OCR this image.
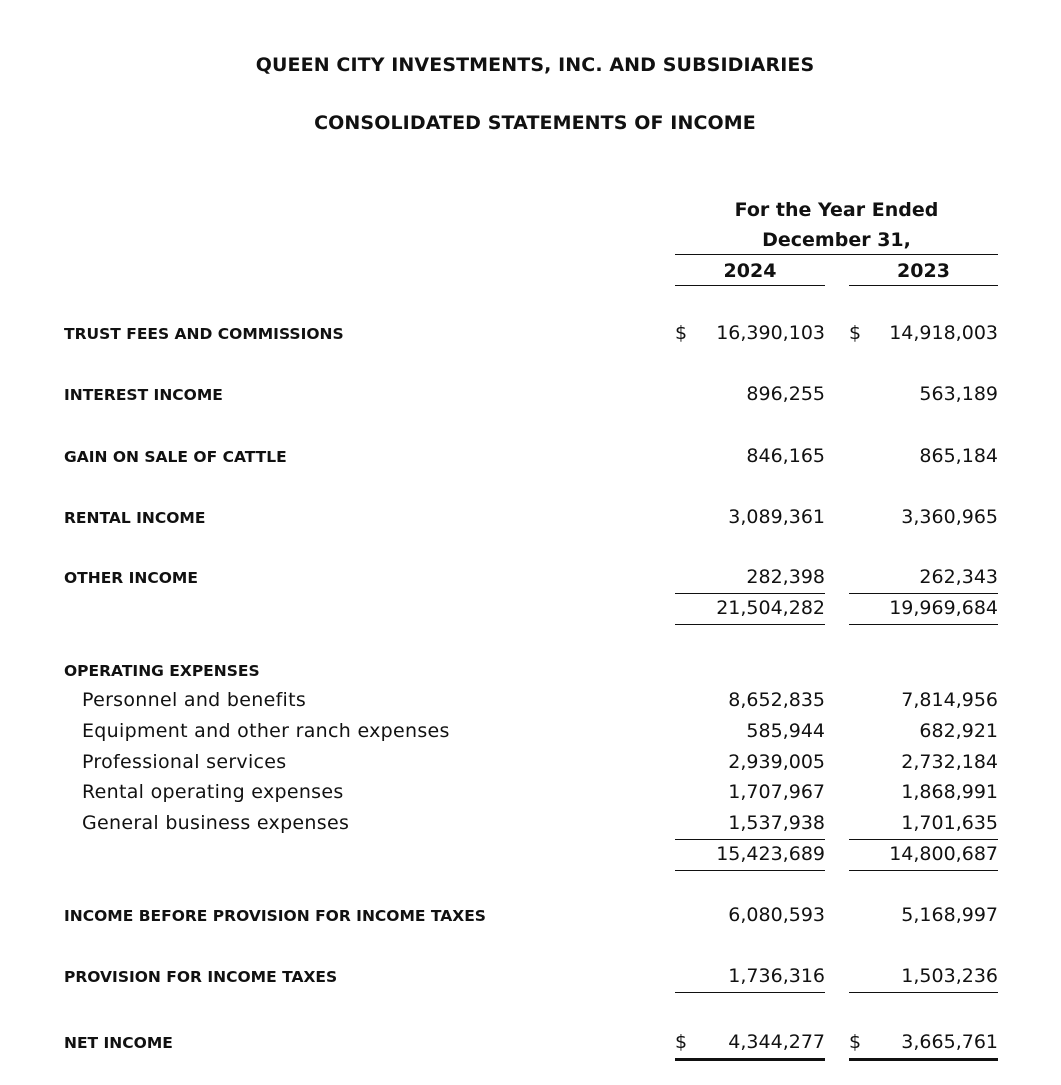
QUEEN CITY INVESTMENTS, INC. AND SUBSIDIARIES
CONSOLIDATED STATEMENTS OF INCOME
For the Year Ended
December 31,
2024	2023
TRUST FEES AND COMMISSIONS	$ 16,390,103 $ 14,918,003
INTEREST INCOME	896,255	563,189
GAIN ON SALE OF CATTLE	846,165	865,184
RENTAL INCOME	3,089,361	3,360,965
OTHER INCOME	282,398	262,343
21,504,282	19,969,684
OPERATING EXPENSES
Personnel and benefits	8,652,835	7,814,956
Equipment and other ranch expenses	585,944	682,921
Professional services	2,939,005	2,732,184
Rental operating expenses	1,707,967	1,868,991
General business expenses	1,537,938	1,701,635
15,423,689	14,800,687
INCOME BEFORE PROVISION FOR INCOME TAXES	6,080,593	5,168,997
PROVISION FOR INCOME TAXES	1,736,316	1,503,236
NET INCOME	$ 4,344,277 $ 3,665,761
